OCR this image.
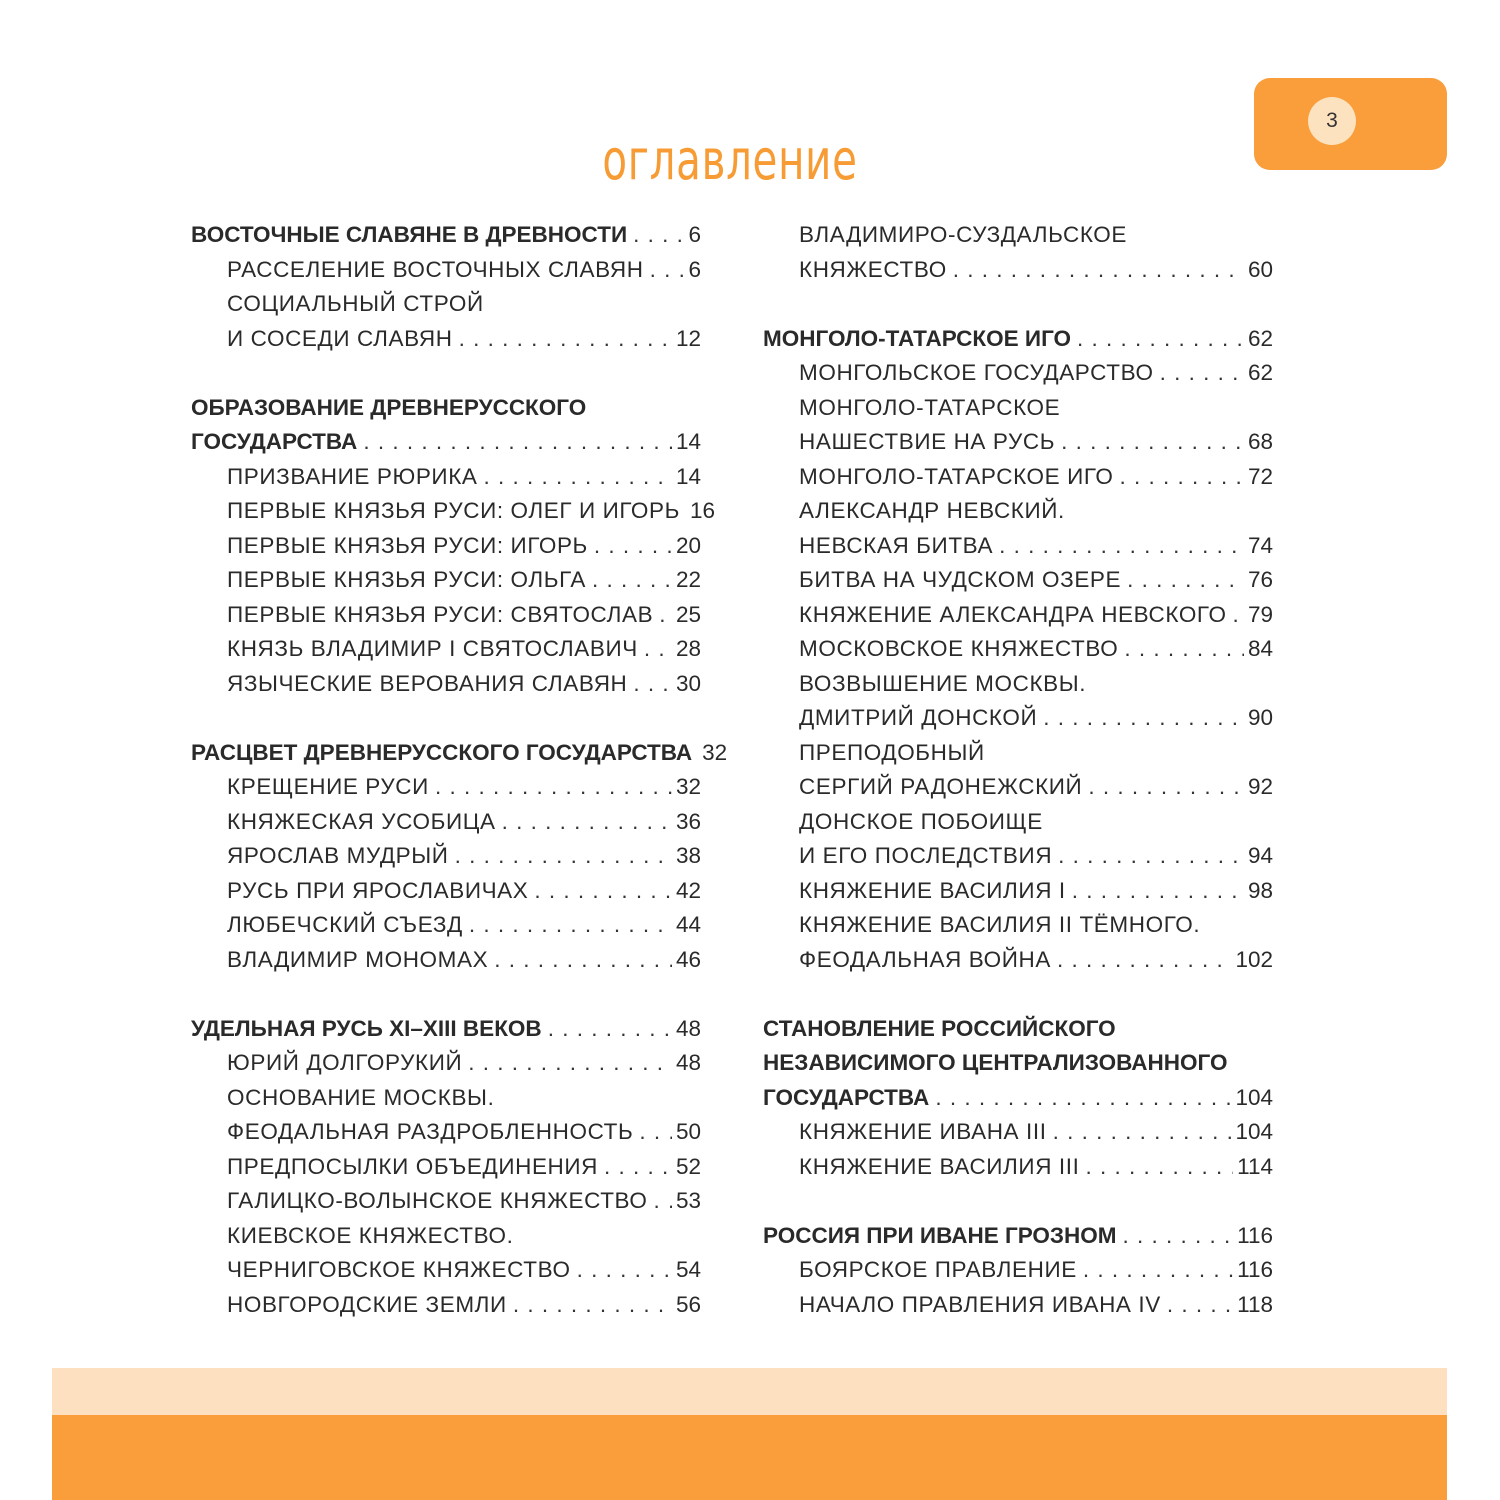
3
оглавление
ВОСТОЧНЫЕ СЛАВЯНЕ В ДРЕВНОСТИ . . .	6
РАССЕЛЕНИЕ ВОСТОЧНЫХ СЛАВЯН . . . 6
СОЦИАЛЬНЫЙ СТРОЙ
И СОСЕДИ СЛАВЯН . . .	12
ОБРАЗОВАНИЕ ДРЕВНЕРУССКОГО
ГОСУДАРСТВА . . .	14
ПРИЗВАНИЕ РЮРИКА . . .	14
ПЕРВЫЕ КНЯЗЬЯ РУСИ: ОЛЕГ И ИГОРЬ . . . 16
ПЕРВЫЕ КНЯЗЬЯ РУСИ: ИГОРЬ . . .	20
ПЕРВЫЕ КНЯЗЬЯ РУСИ: ОЛЬГА . . .	22
ПЕРВЫЕ КНЯЗЬЯ РУСИ: СВЯТОСЛАВ . . . 25
КНЯЗЬ ВЛАДИМИР I СВЯТОСЛАВИЧ . . . 28
ЯЗЫЧЕСКИЕ ВЕРОВАНИЯ СЛАВЯН . . . 30
РАСЦВЕТ ДРЕВНЕРУССКОГО ГОСУДАРСТВА . . . 32
КРЕЩЕНИЕ РУСИ . . .	32
КНЯЖЕСКАЯ УСОБИЦА . . .	36
ЯРОСЛАВ МУДРЫЙ . . .	38
РУСЬ ПРИ ЯРОСЛАВИЧАХ . . .	42
ЛЮБЕЧСКИЙ СЪЕЗД . . .	44
ВЛАДИМИР МОНОМАХ . . .	46
УДЕЛЬНАЯ РУСЬ XI–XIII ВЕКОВ . . .	48
ЮРИЙ ДОЛГОРУКИЙ . . .	48
ОСНОВАНИЕ МОСКВЫ.
ФЕОДАЛЬНАЯ РАЗДРОБЛЕННОСТЬ . . . 50
ПРЕДПОСЫЛКИ ОБЪЕДИНЕНИЯ . . .	52
ГАЛИЦКО-ВОЛЫНСКОЕ КНЯЖЕСТВО . . . 53
КИЕВСКОЕ КНЯЖЕСТВО.
ЧЕРНИГОВСКОЕ КНЯЖЕСТВО . . .	54
НОВГОРОДСКИЕ ЗЕМЛИ . . .	56
ВЛАДИМИРО-СУЗДАЛЬСКОЕ
КНЯЖЕСТВО . . .	60
МОНГОЛО-ТАТАРСКОЕ ИГО . . .	62
МОНГОЛЬСКОЕ ГОСУДАРСТВО . . .	62
МОНГОЛО-ТАТАРСКОЕ
НАШЕСТВИЕ НА РУСЬ . . .	68
МОНГОЛО-ТАТАРСКОЕ ИГО . . .	72
АЛЕКСАНДР НЕВСКИЙ.
НЕВСКАЯ БИТВА . . .	74
БИТВА НА ЧУДСКОМ ОЗЕРЕ . . .	76
КНЯЖЕНИЕ АЛЕКСАНДРА НЕВСКОГО . . . 79
МОСКОВСКОЕ КНЯЖЕСТВО . . .	84
ВОЗВЫШЕНИЕ МОСКВЫ.
ДМИТРИЙ ДОНСКОЙ . . .	90
ПРЕПОДОБНЫЙ
СЕРГИЙ РАДОНЕЖСКИЙ . . .	92
ДОНСКОЕ ПОБОИЩЕ
И ЕГО ПОСЛЕДСТВИЯ . . .	94
КНЯЖЕНИЕ ВАСИЛИЯ I . . .	98
КНЯЖЕНИЕ ВАСИЛИЯ II ТЁМНОГО.
ФЕОДАЛЬНАЯ ВОЙНА . . .	102
СТАНОВЛЕНИЕ РОССИЙСКОГО
НЕЗАВИСИМОГО ЦЕНТРАЛИЗОВАННОГО
ГОСУДАРСТВА . . .	104
КНЯЖЕНИЕ ИВАНА III . . .	104
КНЯЖЕНИЕ ВАСИЛИЯ III . . .	114
РОССИЯ ПРИ ИВАНЕ ГРОЗНОМ . . .	116
БОЯРСКОЕ ПРАВЛЕНИЕ . . .	116
НАЧАЛО ПРАВЛЕНИЯ ИВАНА IV . . .	118
